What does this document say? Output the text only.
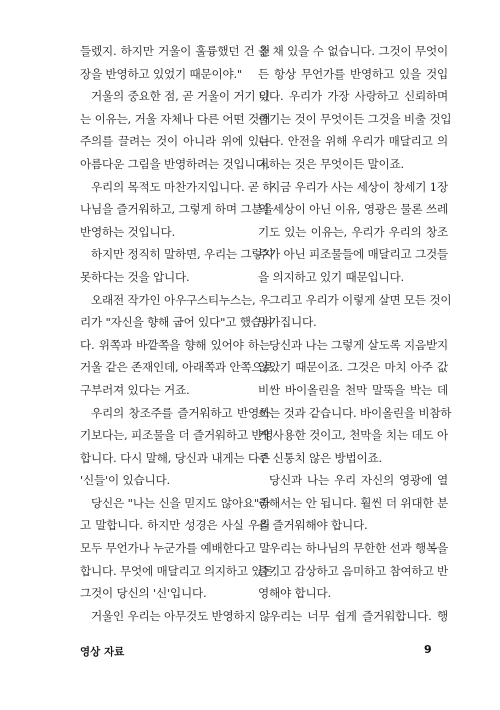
들렜지. 하지만 거울이 훌륭했던 건 천
장을 반영하고 있었기 때문이야."
거울의 중요한 점, 곧 거울이 거기 있
는 이유는, 거울 자체나 다른 어떤 것에
주의를 끌려는 것이 아니라 위에 있는
아름다운 그림을 반영하려는 것입니다.
우리의 목적도 마찬가지입니다. 곧 하
나님을 즐거워하고, 그렇게 하며 그분을
반영하는 것입니다.
하지만 정직히 말하면, 우리는 그렇지
못하다는 것을 압니다.
오래전 작가인 아우구스티누스는, 우
리가 "자신을 향해 굽어 있다"고 했습니
다. 위쪽과 바깥쪽을 향해 있어야 하는
거울 같은 존재인데, 아래쪽과 안쪽으로
구부러져 있다는 거죠.
우리의 창조주를 즐거워하고 반영하
기보다는, 피조물을 더 즐거워하고 반영
합니다. 다시 말해, 당신과 내게는 다른
'신들'이 있습니다.
당신은 "나는 신을 믿지도 않아요"라
고 말합니다. 하지만 성경은 사실 우리
모두 무언가나 누군가를 예배한다고 말
합니다. 무엇에 매달리고 의지하고 있든,
그것이 당신의 '신'입니다.
거울인 우리는 아무것도 반영하지 않
을 채 있을 수 없습니다. 그것이 무엇이
든 항상 무언가를 반영하고 있을 것입
니다. 우리가 가장 사랑하고 신뢰하며
즐기는 것이 무엇이든 그것을 비출 것입
니다. 안전을 위해 우리가 매달리고 의
지하는 것은 무엇이든 말이죠.
지금 우리가 사는 세상이 창세기 1장
의 세상이 아닌 이유, 영광은 물론 쓰레
기도 있는 이유는, 우리가 우리의 창조
주가 아닌 피조물들에 매달리고 그것들
을 의지하고 있기 때문입니다.
그리고 우리가 이렇게 살면 모든 것이
망가집니다.
당신과 나는 그렇게 살도록 지음받지
않았기 때문이죠. 그것은 마치 아주 값
비싼 바이올린을 천막 말뚝을 박는 데
쓰는 것과 같습니다. 바이올린을 비참하
게 사용한 것이고, 천막을 치는 데도 아
주 신통치 않은 방법이죠.
당신과 나는 우리 자신의 영광에 열
중해서는 안 됩니다. 훨씬 더 위대한 분
을 즐거워해야 합니다.
우리는 하나님의 무한한 선과 행복을
즐기고 감상하고 음미하고 참여하고 반
영해야 합니다.
우리는 너무 쉽게 즐거워합니다. 행
영상 자료	9
